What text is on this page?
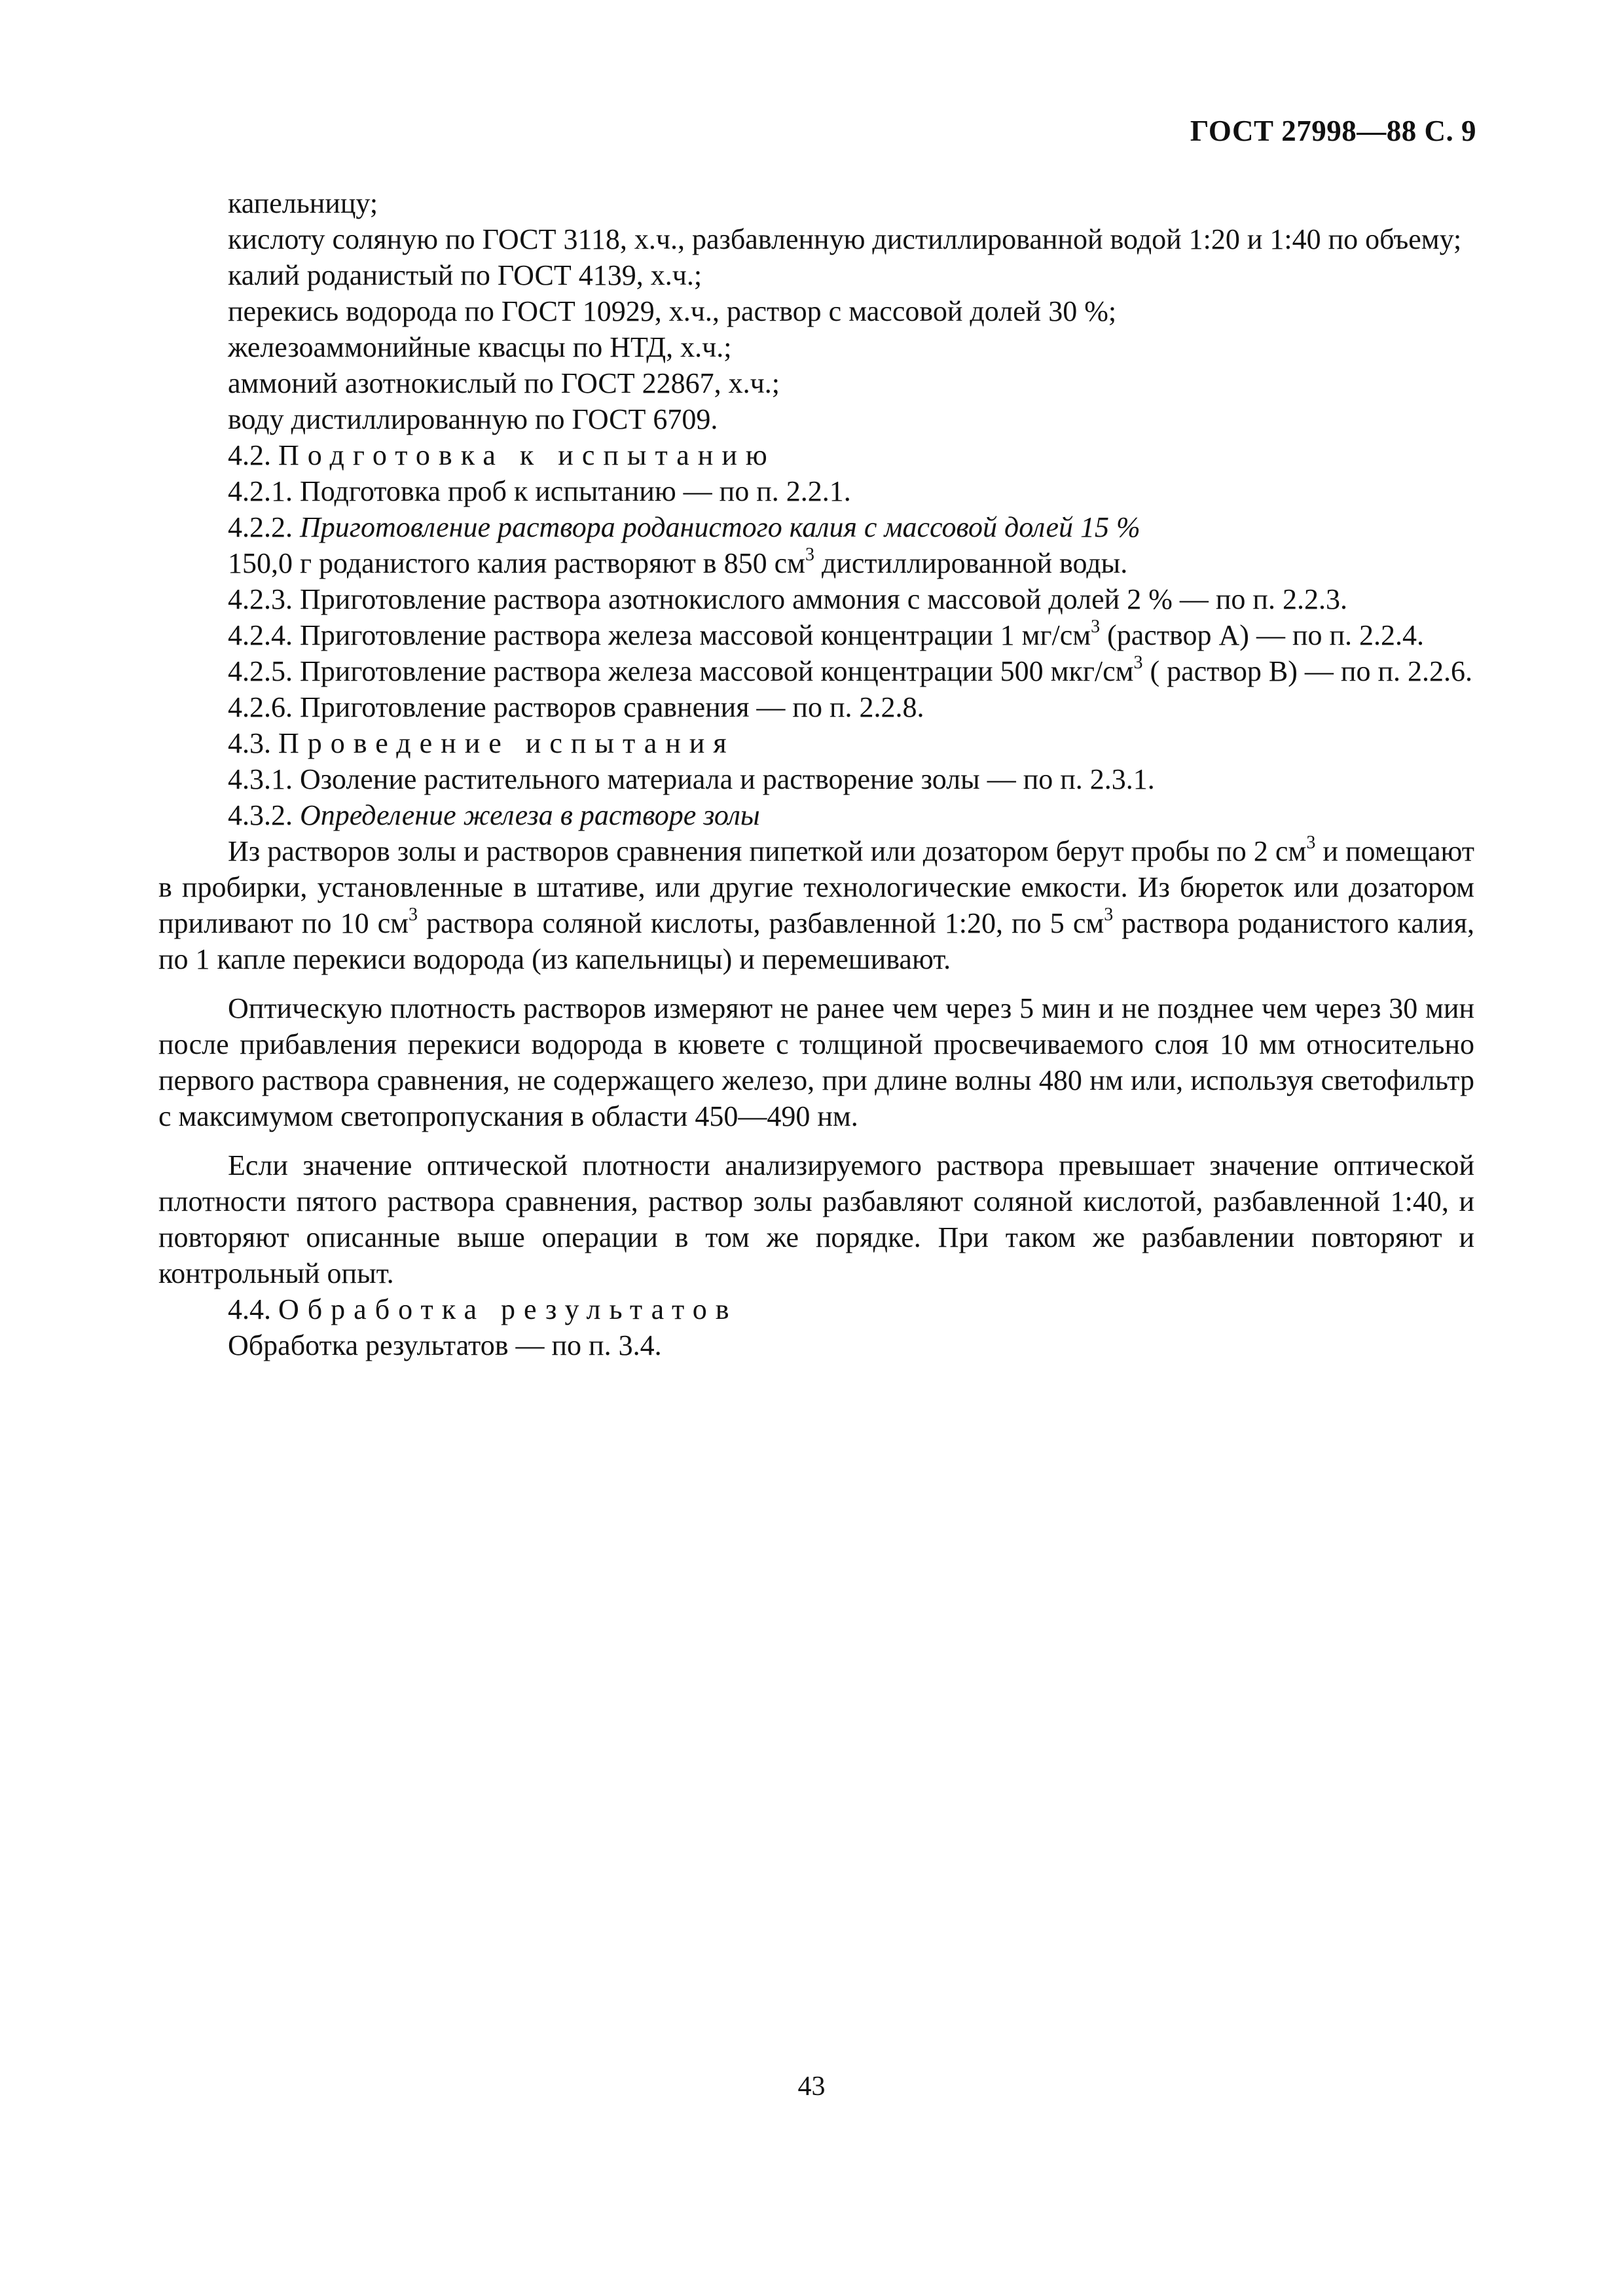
ГОСТ 27998—88 С. 9

капельницу;

кислоту соляную по ГОСТ 3118, х.ч., разбавленную дистиллированной водой 1:20 и 1:40 по объему;

калий роданистый по ГОСТ 4139, х.ч.;

перекись водорода по ГОСТ 10929, х.ч., раствор с массовой долей 30 %;

железоаммонийные квасцы по НТД, х.ч.;

аммоний азотнокислый по ГОСТ 22867, х.ч.;

воду дистиллированную по ГОСТ 6709.

4.2. Подготовка к испытанию

4.2.1. Подготовка проб к испытанию — по п. 2.2.1.

4.2.2. Приготовление раствора роданистого калия с массовой долей 15 %

150,0 г роданистого калия растворяют в 850 $см^3$ дистиллированной воды.

4.2.3. Приготовление раствора азотнокислого аммония с массовой долей 2 % — по п. 2.2.3.

4.2.4. Приготовление раствора железа массовой концентрации 1 $мг/см^3$ (раствор А) — по п. 2.2.4.

4.2.5. Приготовление раствора железа массовой концентрации 500 мкг/$см^3$ ( раствор В) — по п. 2.2.6.

4.2.6. Приготовление растворов сравнения — по п. 2.2.8.

4.3. Проведение испытания

4.3.1. Озоление растительного материала и растворение золы — по п. 2.3.1.

4.3.2. Определение железа в растворе золы

Из растворов золы и растворов сравнения пипеткой или дозатором берут пробы по 2 $см^3$ и помещают в пробирки, установленные в штативе, или другие технологические емкости. Из бюреток или дозатором приливают по 10 $см^3$ раствора соляной кислоты, разбавленной 1:20, по 5 $см^3$ раствора роданистого калия, по 1 капле перекиси водорода (из капельницы) и перемешивают.

Оптическую плотность растворов измеряют не ранее чем через 5 мин и не позднее чем через 30 мин после прибавления перекиси водорода в кювете с толщиной просвечиваемого слоя 10 мм относительно первого раствора сравнения, не содержащего железо, при длине волны 480 нм или, используя светофильтр с максимумом светопропускания в области 450—490 нм.

Если значение оптической плотности анализируемого раствора превышает значение оптической плотности пятого раствора сравнения, раствор золы разбавляют соляной кислотой, разбавленной 1:40, и повторяют описанные выше операции в том же порядке. При таком же разбавлении повторяют и контрольный опыт.

4.4. Обработка результатов

Обработка результатов — по п. 3.4.

43
